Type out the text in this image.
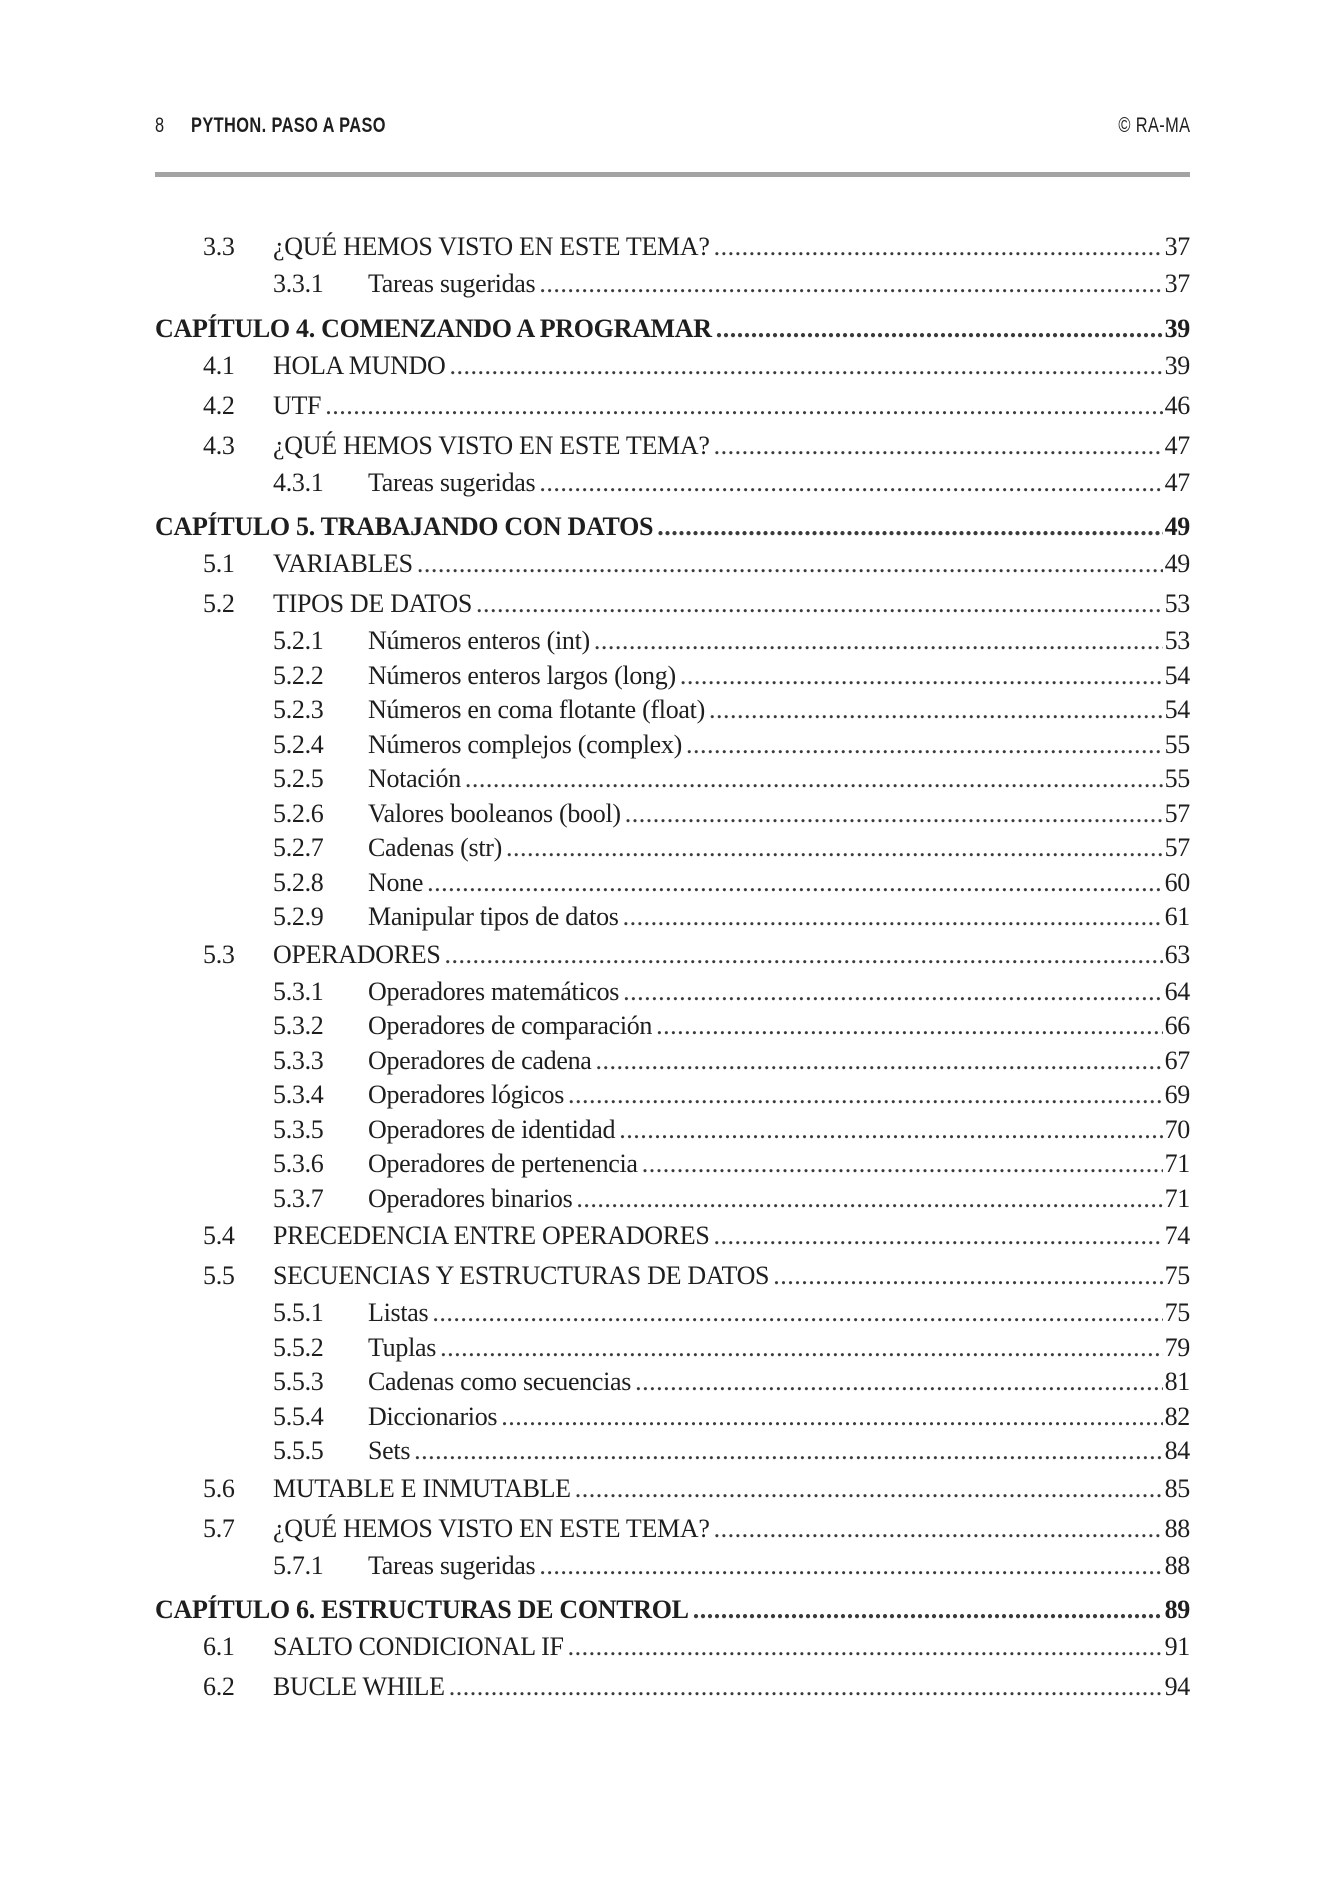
8 PYTHON. PASO A PASO	© RA-MA
3.3	¿QUÉ HEMOS VISTO EN ESTE TEMA? .....	37
3.3.1	Tareas sugeridas .....	37
CAPÍTULO 4. COMENZANDO A PROGRAMAR .....	39
4.1	HOLA MUNDO .....	39
4.2	UTF .....	46
4.3	¿QUÉ HEMOS VISTO EN ESTE TEMA? .....	47
4.3.1	Tareas sugeridas .....	47
CAPÍTULO 5. TRABAJANDO CON DATOS .....	49
5.1	VARIABLES .....	49
5.2	TIPOS DE DATOS .....	53
5.2.1	Números enteros (int) .....	53
5.2.2	Números enteros largos (long) .....	54
5.2.3	Números en coma flotante (float) .....	54
5.2.4	Números complejos (complex) .....	55
5.2.5	Notación .....	55
5.2.6	Valores booleanos (bool) .....	57
5.2.7	Cadenas (str) .....	57
5.2.8	None .....	60
5.2.9	Manipular tipos de datos .....	61
5.3	OPERADORES .....	63
5.3.1	Operadores matemáticos .....	64
5.3.2	Operadores de comparación .....	66
5.3.3	Operadores de cadena .....	67
5.3.4	Operadores lógicos .....	69
5.3.5	Operadores de identidad .....	70
5.3.6	Operadores de pertenencia .....	71
5.3.7	Operadores binarios .....	71
5.4	PRECEDENCIA ENTRE OPERADORES .....	74
5.5	SECUENCIAS Y ESTRUCTURAS DE DATOS .....	75
5.5.1	Listas .....	75
5.5.2	Tuplas .....	79
5.5.3	Cadenas como secuencias .....	81
5.5.4	Diccionarios .....	82
5.5.5	Sets .....	84
5.6	MUTABLE E INMUTABLE .....	85
5.7	¿QUÉ HEMOS VISTO EN ESTE TEMA? .....	88
5.7.1	Tareas sugeridas .....	88
CAPÍTULO 6. ESTRUCTURAS DE CONTROL .....	89
6.1	SALTO CONDICIONAL IF .....	91
6.2	BUCLE WHILE .....	94
